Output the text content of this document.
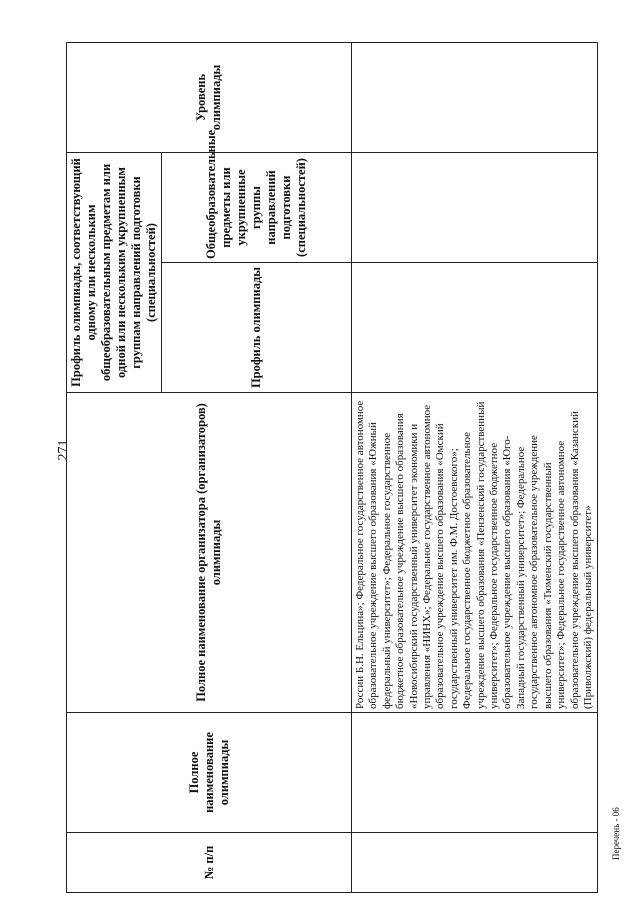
271
№ п/п	Полное наименование олимпиады	Полное наименование организатора (организаторов) олимпиады	Профиль олимпиады, соответствующий одному или нескольким общеобразовательным предметам или одной или нескольким укрупненным группам направлений подготовки (специальностей)		Уровень олимпиады
			Профиль олимпиады	Общеобразовательные предметы или укрупненные группы направлений подготовки (специальностей)	
		России Б.Н. Ельцина»; Федеральное государственное автономное образовательное учреждение высшего образования «Южный федеральный университет»; Федеральное государственное бюджетное образовательное учреждение высшего образования «Новосибирский государственный университет экономики и управления «НИНХ»; Федеральное государственное автономное образовательное учреждение высшего образования «Омский государственный университет им. Ф.М. Достоевского»; Федеральное государственное бюджетное образовательное учреждение высшего образования «Пензенский государственный университет»; Федеральное государственное бюджетное образовательное учреждение высшего образования «Юго-Западный государственный университет»; Федеральное государственное автономное образовательное учреждение высшего образования «Тюменский государственный университет»; Федеральное государственное автономное образовательное учреждение высшего образования «Казанский (Приволжский) федеральный университет»			
Перечень - 06
